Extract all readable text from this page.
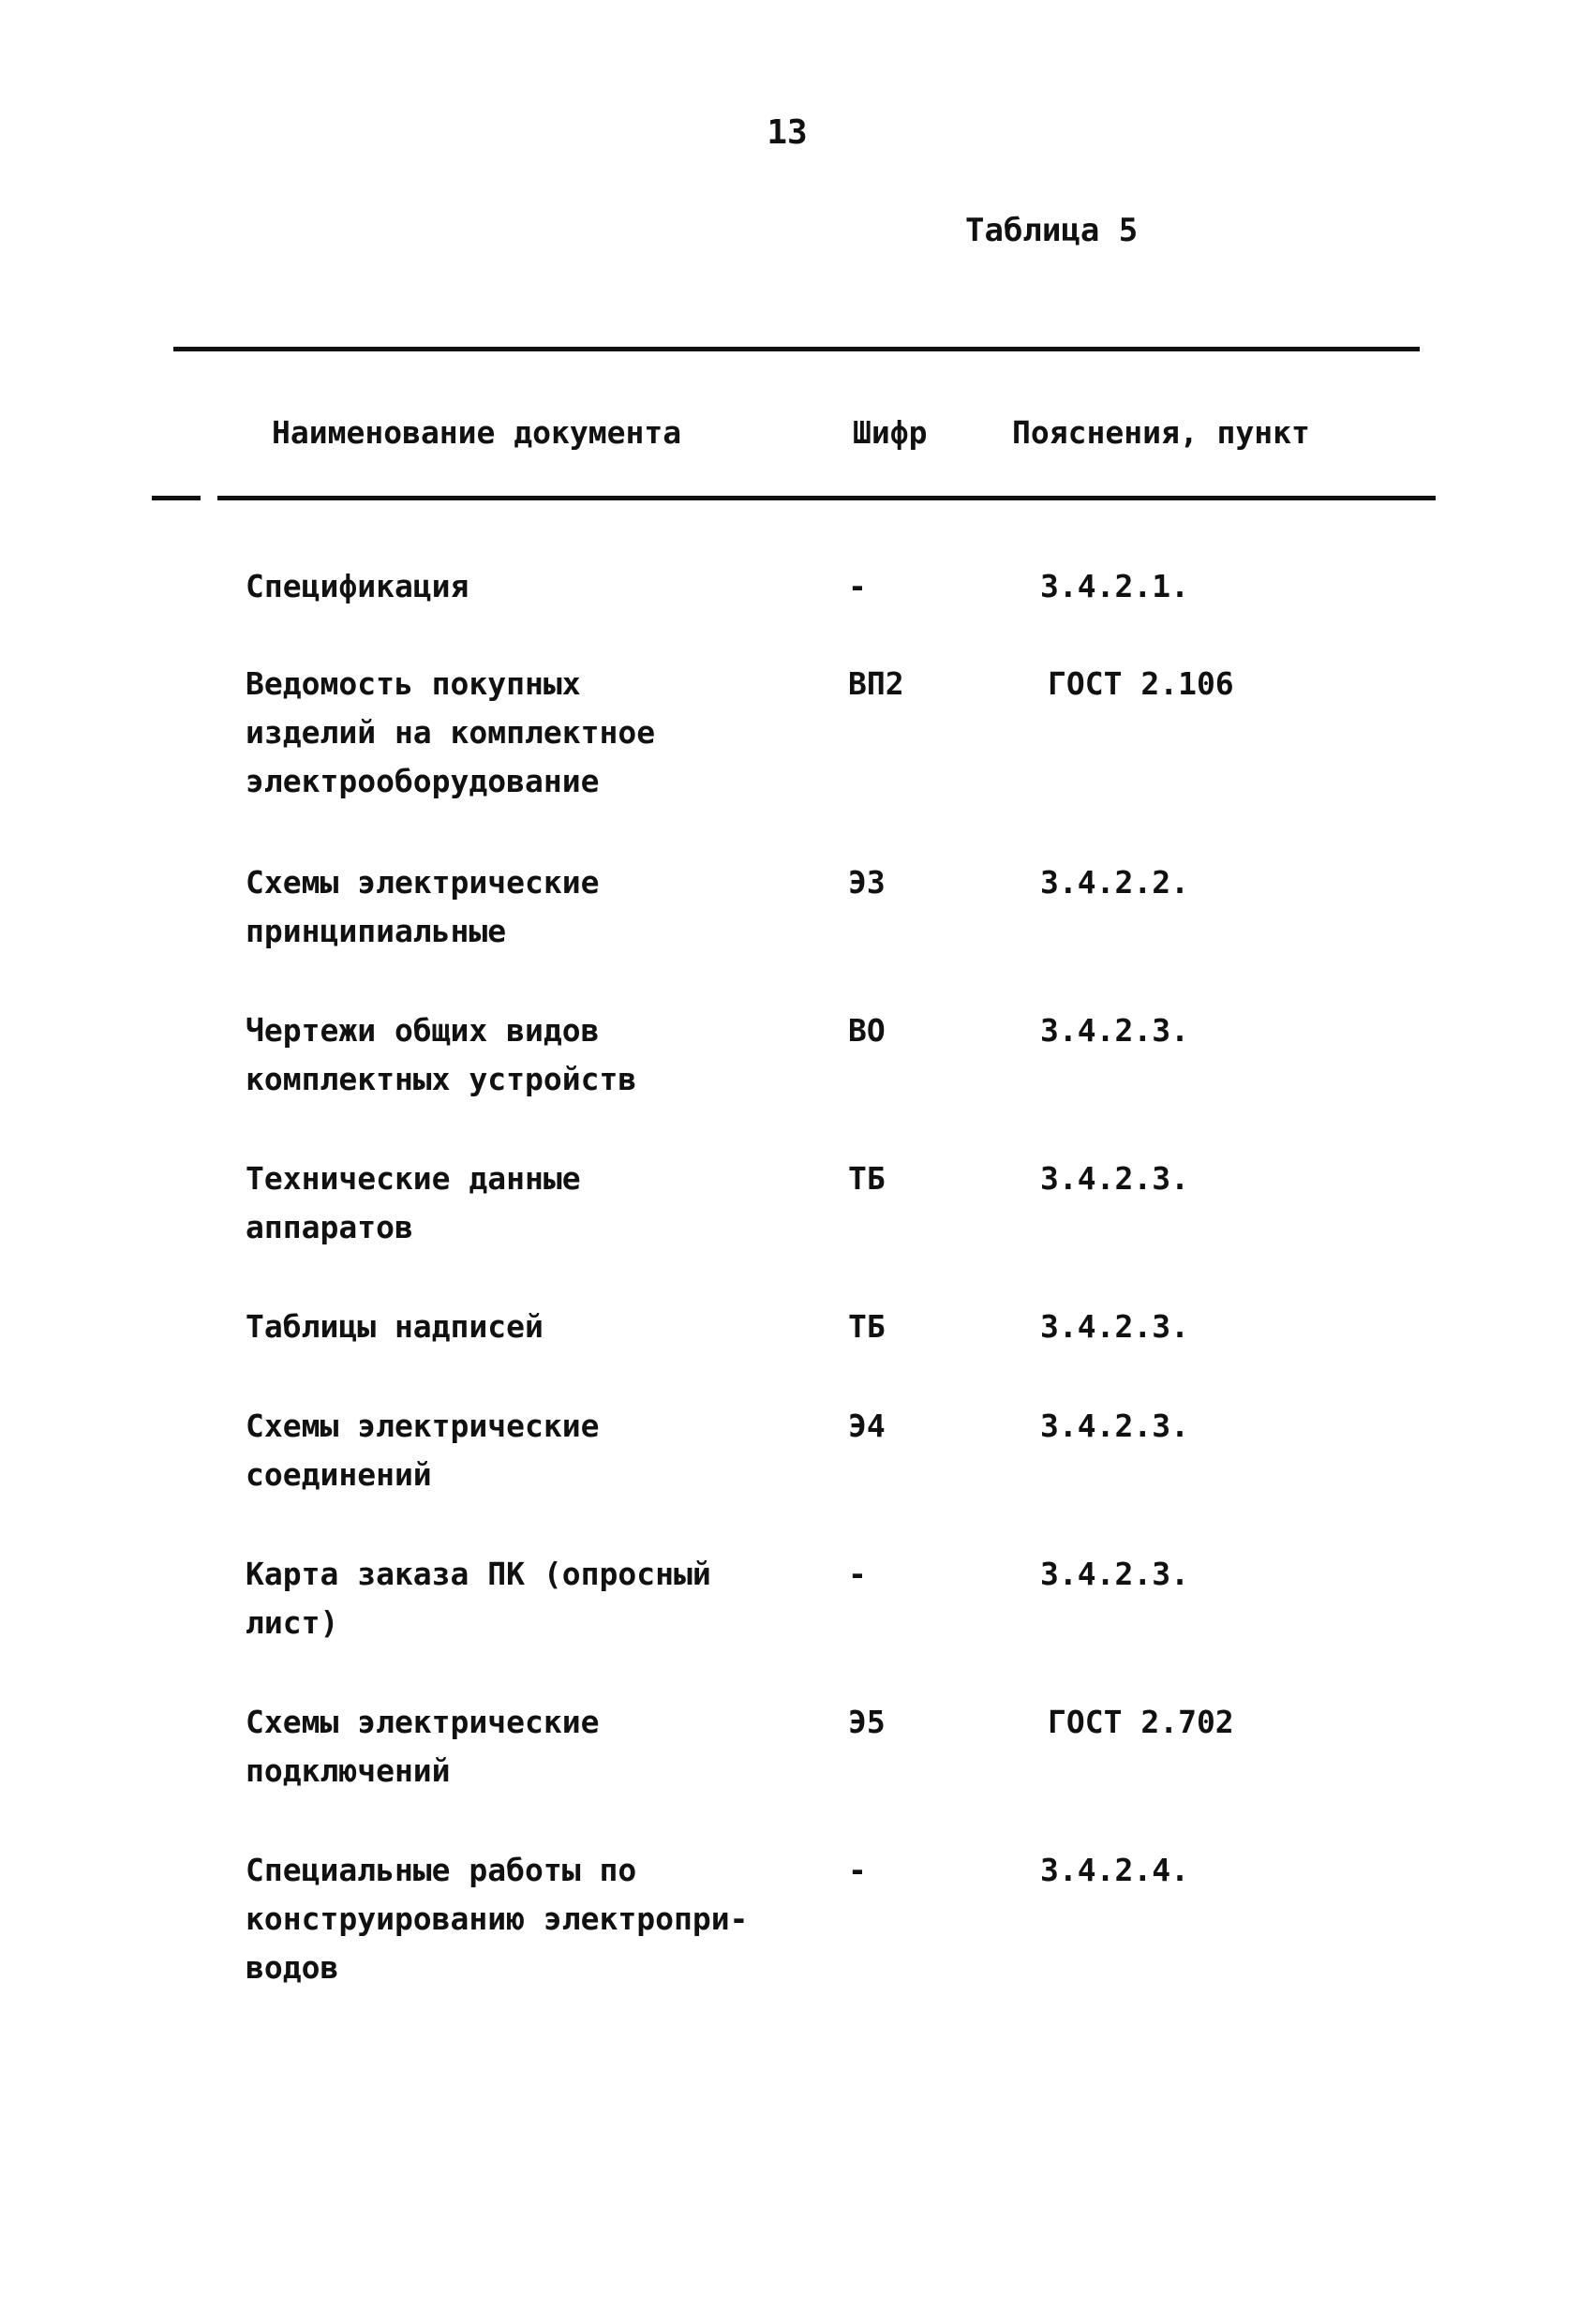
13
Таблица 5
Наименование документа	Шифр	Пояснения, пункт
Спецификация	-	3.4.2.1.
Ведомость покупных
изделий на комплектное
электрооборудование
ВП2	ГОСТ 2.106
Схемы электрические
принципиальные
Э3	3.4.2.2.
Чертежи общих видов
комплектных устройств
ВО	3.4.2.3.
Технические данные
аппаратов
ТБ	3.4.2.3.
Таблицы надписей	ТБ	3.4.2.3.
Схемы электрические
соединений
Э4	3.4.2.3.
Карта заказа ПК (опросный
лист)
-	3.4.2.3.
Схемы электрические
подключений
Э5	ГОСТ 2.702
Специальные работы по
конструированию электропри-
водов
-	3.4.2.4.
